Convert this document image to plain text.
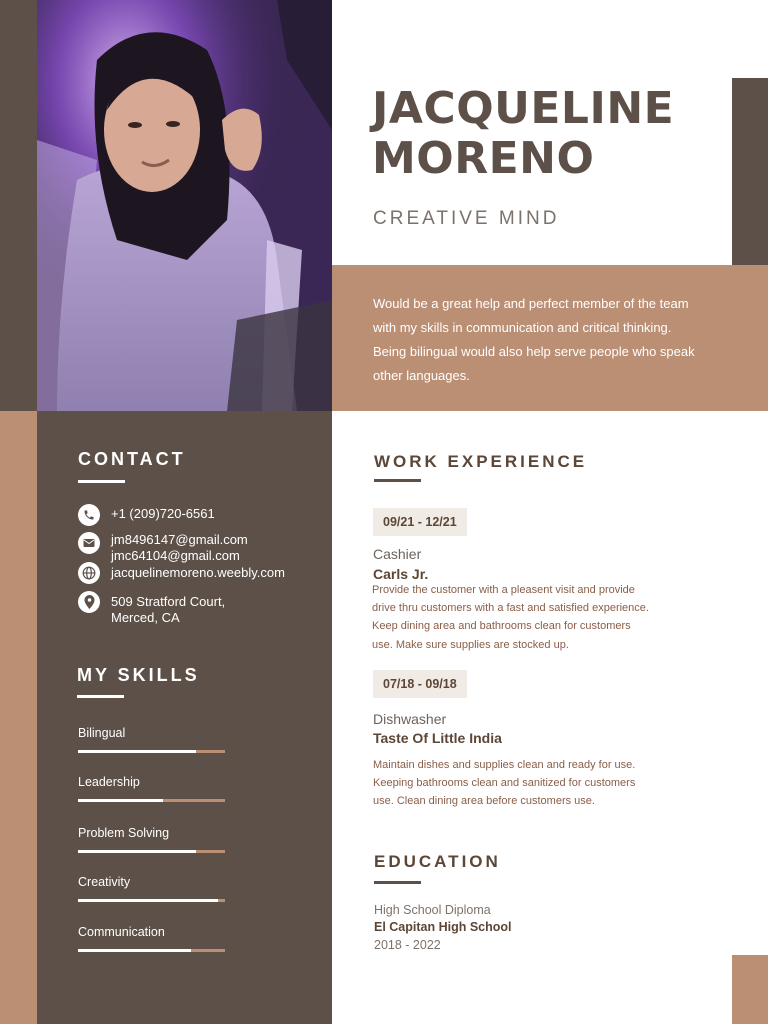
JACQUELINE
MORENO
CREATIVE MIND
Would be a great help and perfect member of the team with my skills in communication and critical thinking. Being bilingual would also help serve people who speak other languages.
CONTACT
+1 (209)720-6561
jm8496147@gmail.com
jmc64104@gmail.com
jacquelinemoreno.weebly.com
509 Stratford Court,
Merced, CA
MY SKILLS
Bilingual
Leadership
Problem Solving
Creativity
Communication
WORK EXPERIENCE
09/21 - 12/21
Cashier
Carls Jr.
Provide the customer with a pleasent visit and provide drive thru customers with a fast and satisfied experience. Keep dining area and bathrooms clean for customers use. Make sure supplies are stocked up.
07/18 - 09/18
Dishwasher
Taste Of Little India
Maintain dishes and supplies clean and ready for use. Keeping bathrooms clean and sanitized for customers use. Clean dining area before customers use.
EDUCATION
High School Diploma
El Capitan High School
2018 - 2022
